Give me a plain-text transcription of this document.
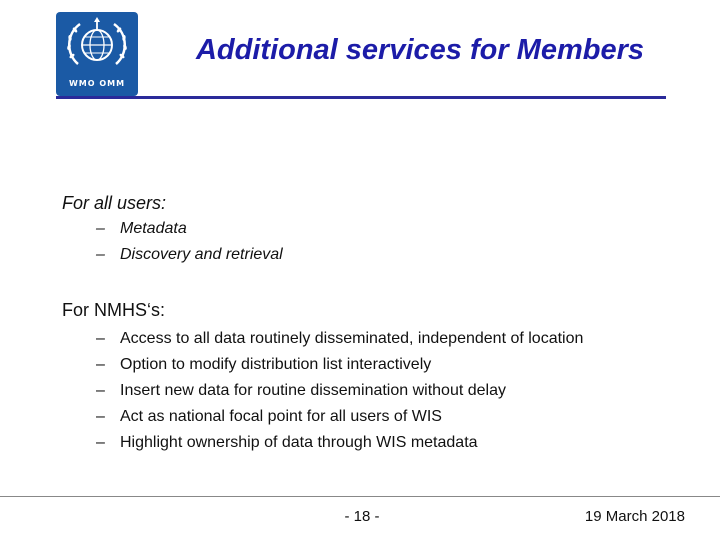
WMO OMM
Additional services for Members
For all users:
– Metadata
– Discovery and retrieval
For NMHS‘s:
– Access to all data routinely disseminated, independent of location
– Option to modify distribution list interactively
– Insert new data for routine dissemination without delay
– Act as national focal point for all users of WIS
– Highlight ownership of data through WIS metadata
- 18 -	19 March 2018
